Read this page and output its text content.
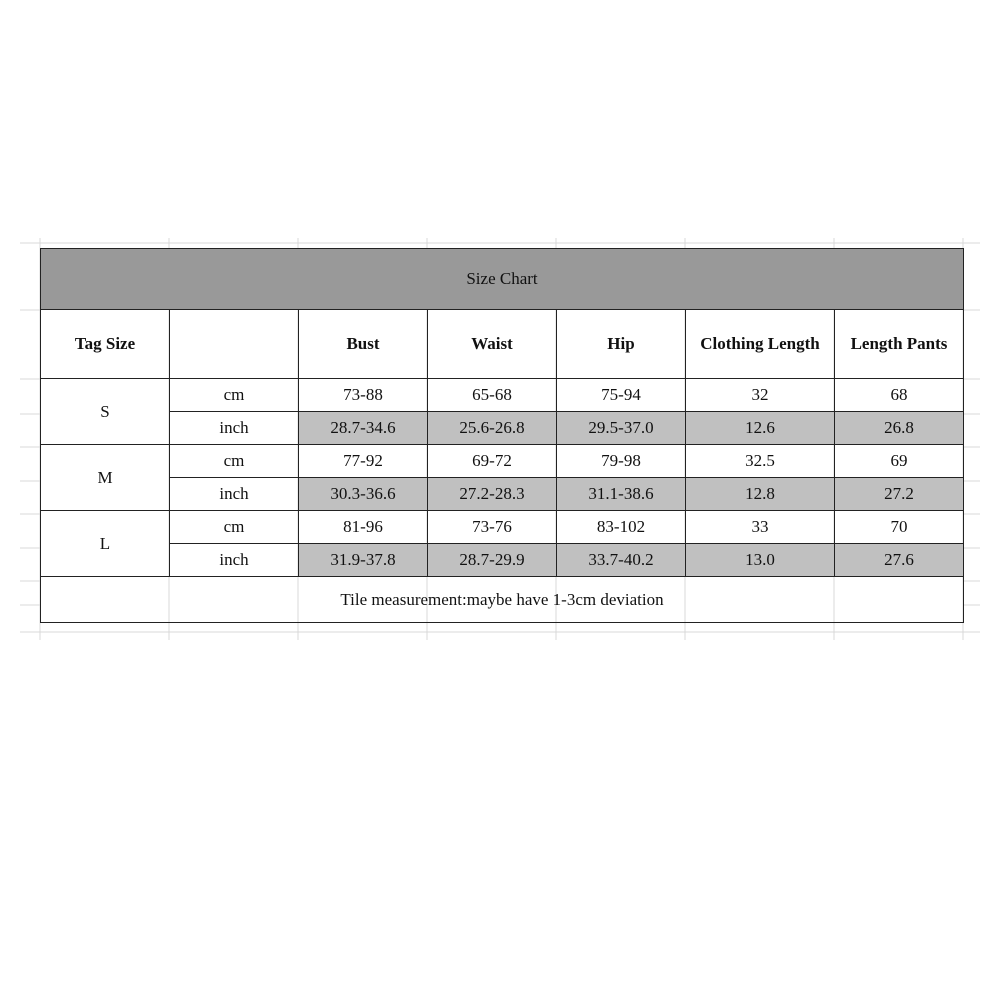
Size Chart						
Tag Size		Bust	Waist	Hip	Clothing Length	Length Pants
S	cm	73-88	65-68	75-94	32	68
	inch	28.7-34.6	25.6-26.8	29.5-37.0	12.6	26.8
M	cm	77-92	69-72	79-98	32.5	69
	inch	30.3-36.6	27.2-28.3	31.1-38.6	12.8	27.2
L	cm	81-96	73-76	83-102	33	70
	inch	31.9-37.8	28.7-29.9	33.7-40.2	13.0	27.6
Tile measurement:maybe have 1-3cm deviation						
